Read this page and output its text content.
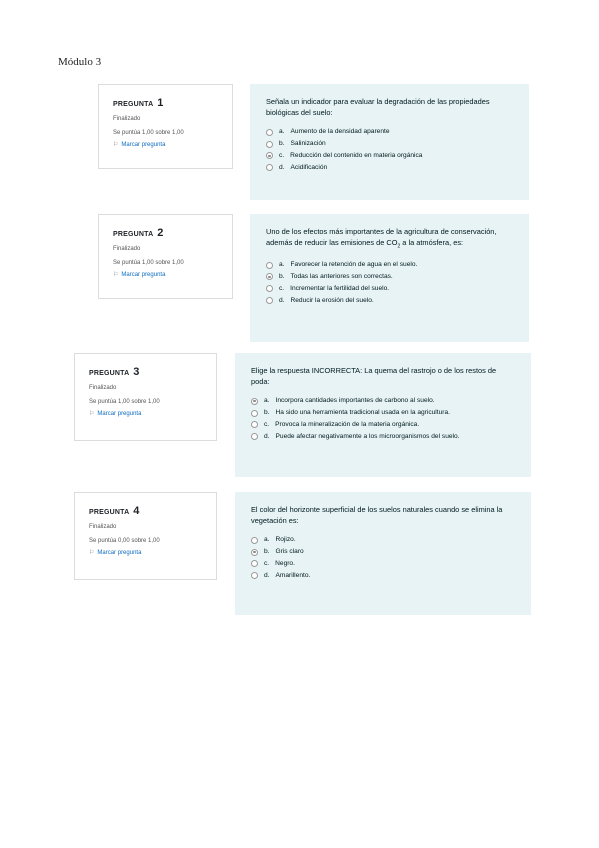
Módulo 3
PREGUNTA 1
Finalizado
Se puntúa 1,00 sobre 1,00
⚐ Marcar pregunta
Señala un indicador para evaluar la degradación de las propiedades biológicas del suelo:
a. Aumento de la densidad aparente
b. Salinización
c. Reducción del contenido en materia orgánica
d. Acidificación
PREGUNTA 2
Finalizado
Se puntúa 1,00 sobre 1,00
⚐ Marcar pregunta
Uno de los efectos más importantes de la agricultura de conservación, además de reducir las emisiones de $CO_2$ a la atmósfera, es:
a. Favorecer la retención de agua en el suelo.
b. Todas las anteriores son correctas.
c. Incrementar la fertilidad del suelo.
d. Reducir la erosión del suelo.
PREGUNTA 3
Finalizado
Se puntúa 1,00 sobre 1,00
⚐ Marcar pregunta
Elige la respuesta INCORRECTA: La quema del rastrojo o de los restos de poda:
a. Incorpora cantidades importantes de carbono al suelo.
b. Ha sido una herramienta tradicional usada en la agricultura.
c. Provoca la mineralización de la materia orgánica.
d. Puede afectar negativamente a los microorganismos del suelo.
PREGUNTA 4
Finalizado
Se puntúa 0,00 sobre 1,00
⚐ Marcar pregunta
El color del horizonte superficial de los suelos naturales cuando se elimina la vegetación es:
a. Rojizo.
b. Gris claro
c. Negro.
d. Amarillento.
